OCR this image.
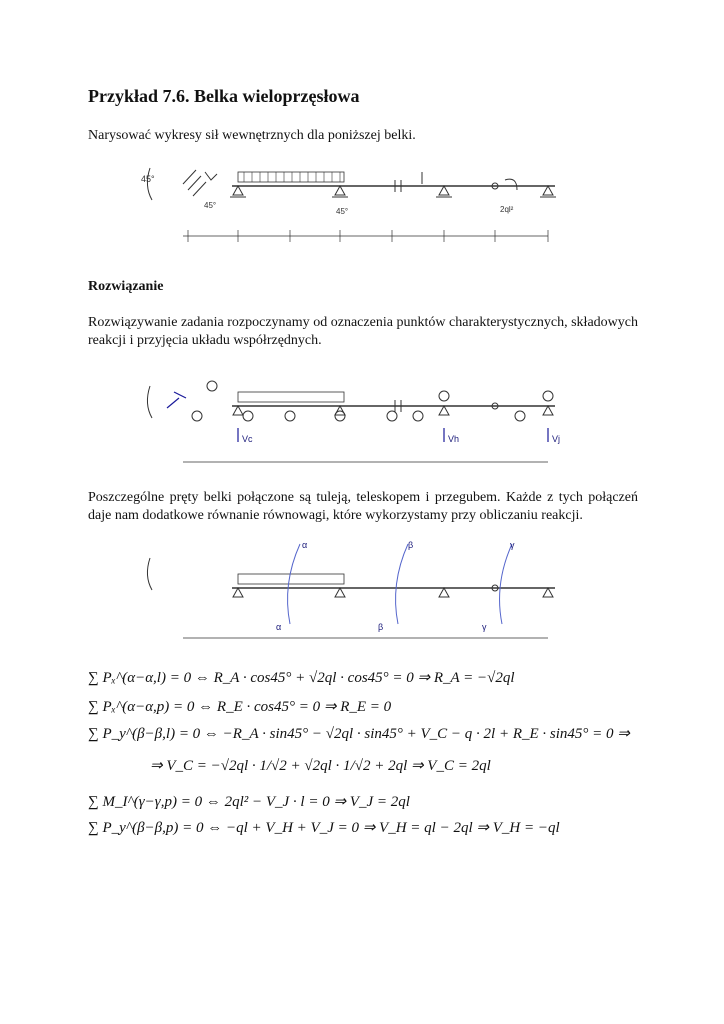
Przykład 7.6. Belka wieloprzęsłowa

Narysować wykresy sił wewnętrznych dla poniższej belki.

45°
45°
45°	2ql²
Rozwiązanie

Rozwiązywanie zadania rozpoczynamy od oznaczenia punktów charakterystycznych, składowych reakcji i przyjęcia układu współrzędnych.

Vc	Vh	Vj

Poszczególne pręty belki połączone są tuleją, teleskopem i przegubem. Każde z tych połączeń daje nam dodatkowe równanie równowagi, które wykorzystamy przy obliczaniu reakcji.

α
α
β
β
γ
γ
∑ Pₓ^(α−α,l) = 0 ⇔ R_A · cos45° + √2ql · cos45° = 0 ⇒ R_A = −√2ql
∑ Pₓ^(α−α,p) = 0 ⇔ R_E · cos45° = 0 ⇒ R_E = 0
∑ P_y^(β−β,l) = 0 ⇔ −R_A · sin45° − √2ql · sin45° + V_C − q · 2l + R_E · sin45° = 0 ⇒
⇒ V_C = −√2ql · 1/√2 + √2ql · 1/√2 + 2ql ⇒ V_C = 2ql
∑ M_I^(γ−γ,p) = 0 ⇔ 2ql² − V_J · l = 0 ⇒ V_J = 2ql
∑ P_y^(β−β,p) = 0 ⇔ −ql + V_H + V_J = 0 ⇒ V_H = ql − 2ql ⇒ V_H = −ql
